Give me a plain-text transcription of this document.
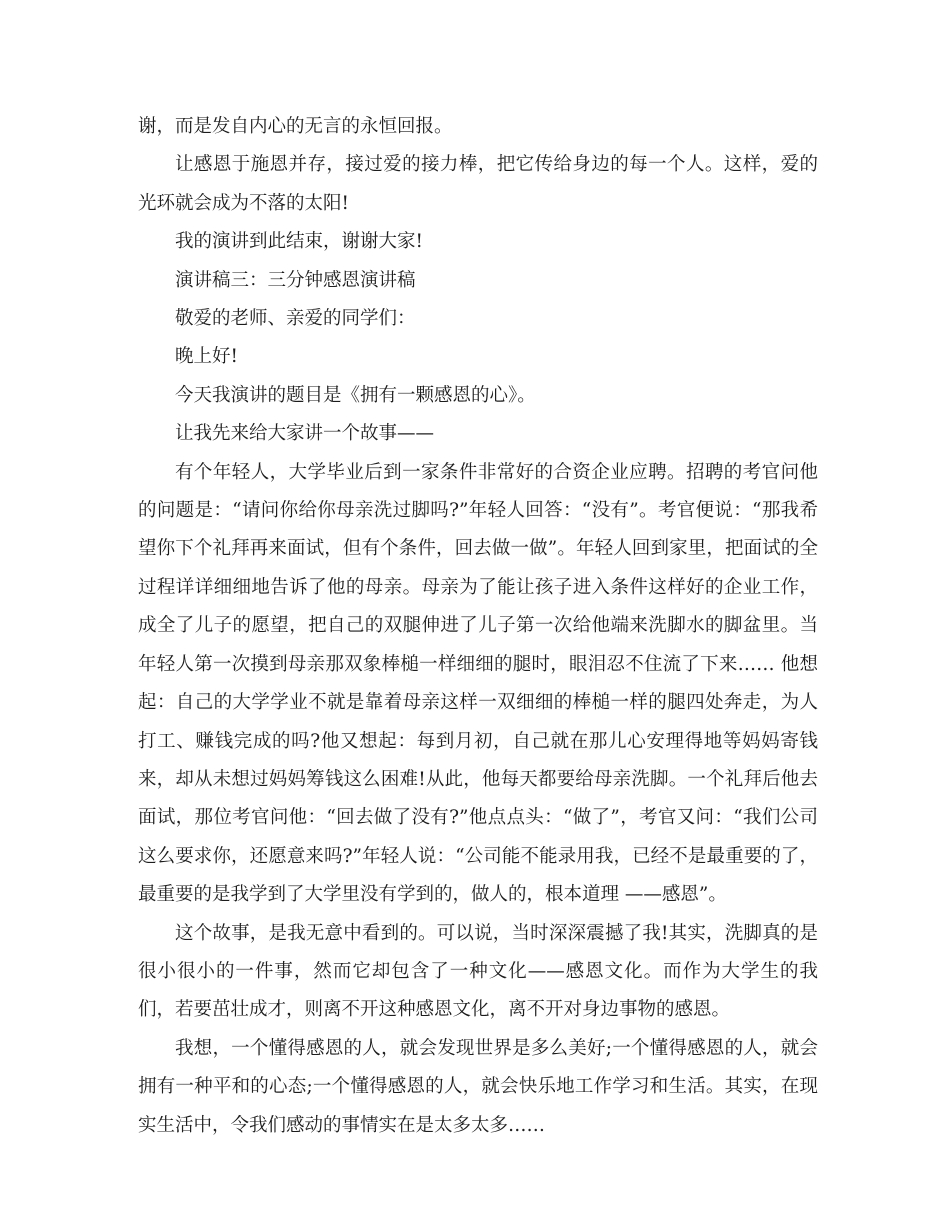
谢，而是发自内心的无言的永恒回报。

让感恩于施恩并存，接过爱的接力棒，把它传给身边的每一个人。这样，爱的光环就会成为不落的太阳!

我的演讲到此结束，谢谢大家!

演讲稿三：三分钟感恩演讲稿

敬爱的老师、亲爱的同学们：

晚上好!

今天我演讲的题目是《拥有一颗感恩的心》。

让我先来给大家讲一个故事——

有个年轻人，大学毕业后到一家条件非常好的合资企业应聘。招聘的考官问他的问题是：“请问你给你母亲洗过脚吗?”年轻人回答：“没有”。考官便说：“那我希望你下个礼拜再来面试，但有个条件，回去做一做”。年轻人回到家里，把面试的全过程详详细细地告诉了他的母亲。母亲为了能让孩子进入条件这样好的企业工作，成全了儿子的愿望，把自己的双腿伸进了儿子第一次给他端来洗脚水的脚盆里。当年轻人第一次摸到母亲那双象棒槌一样细细的腿时，眼泪忍不住流了下来…… 他想起：自己的大学学业不就是靠着母亲这样一双细细的棒槌一样的腿四处奔走，为人打工、赚钱完成的吗?他又想起：每到月初，自己就在那儿心安理得地等妈妈寄钱来，却从未想过妈妈筹钱这么困难!从此，他每天都要给母亲洗脚。一个礼拜后他去面试，那位考官问他：“回去做了没有?”他点点头：“做了”，考官又问：“我们公司这么要求你，还愿意来吗?”年轻人说：“公司能不能录用我，已经不是最重要的了，最重要的是我学到了大学里没有学到的，做人的，根本道理 ——感恩”。

这个故事，是我无意中看到的。可以说，当时深深震撼了我!其实，洗脚真的是很小很小的一件事，然而它却包含了一种文化——感恩文化。而作为大学生的我们，若要茁壮成才，则离不开这种感恩文化，离不开对身边事物的感恩。

我想，一个懂得感恩的人，就会发现世界是多么美好;一个懂得感恩的人，就会拥有一种平和的心态;一个懂得感恩的人，就会快乐地工作学习和生活。其实，在现实生活中，令我们感动的事情实在是太多太多……
